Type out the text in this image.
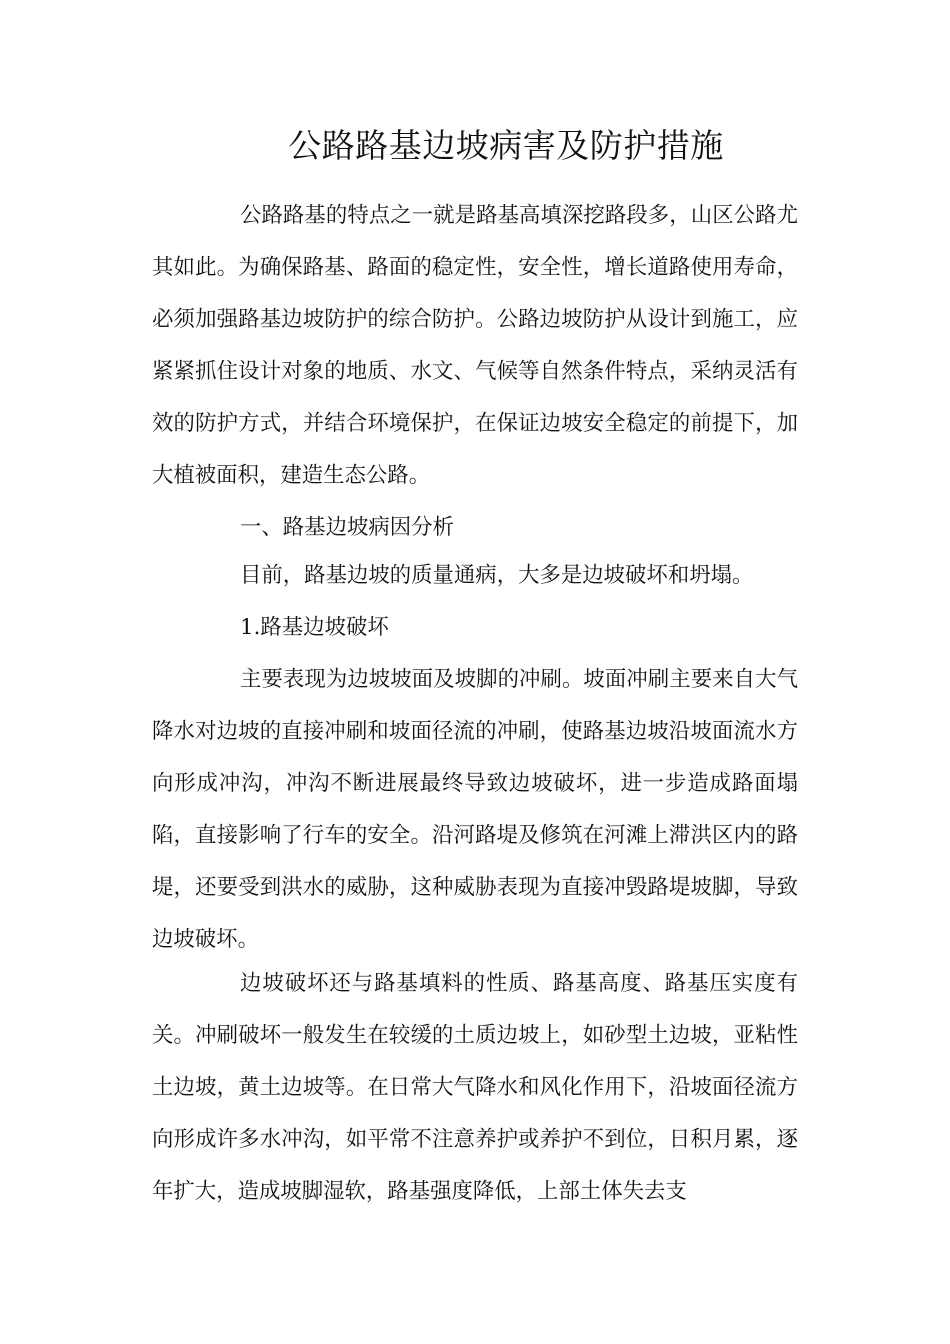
公路路基边坡病害及防护措施
公路路基的特点之一就是路基高填深挖路段多，山区公路尤其如此。为确保路基、路面的稳定性，安全性，增长道路使用寿命，必须加强路基边坡防护的综合防护。公路边坡防护从设计到施工，应紧紧抓住设计对象的地质、水文、气候等自然条件特点，采纳灵活有效的防护方式，并结合环境保护，在保证边坡安全稳定的前提下，加大植被面积，建造生态公路。
一、路基边坡病因分析
目前，路基边坡的质量通病，大多是边坡破坏和坍塌。
1.路基边坡破坏
主要表现为边坡坡面及坡脚的冲刷。坡面冲刷主要来自大气降水对边坡的直接冲刷和坡面径流的冲刷，使路基边坡沿坡面流水方向形成冲沟，冲沟不断进展最终导致边坡破坏，进一步造成路面塌陷，直接影响了行车的安全。沿河路堤及修筑在河滩上滞洪区内的路堤，还要受到洪水的威胁，这种威胁表现为直接冲毁路堤坡脚，导致边坡破坏。
边坡破坏还与路基填料的性质、路基高度、路基压实度有关。冲刷破坏一般发生在较缓的土质边坡上，如砂型土边坡，亚粘性土边坡，黄土边坡等。在日常大气降水和风化作用下，沿坡面径流方向形成许多水冲沟，如平常不注意养护或养护不到位，日积月累，逐年扩大，造成坡脚湿软，路基强度降低，上部土体失去支
